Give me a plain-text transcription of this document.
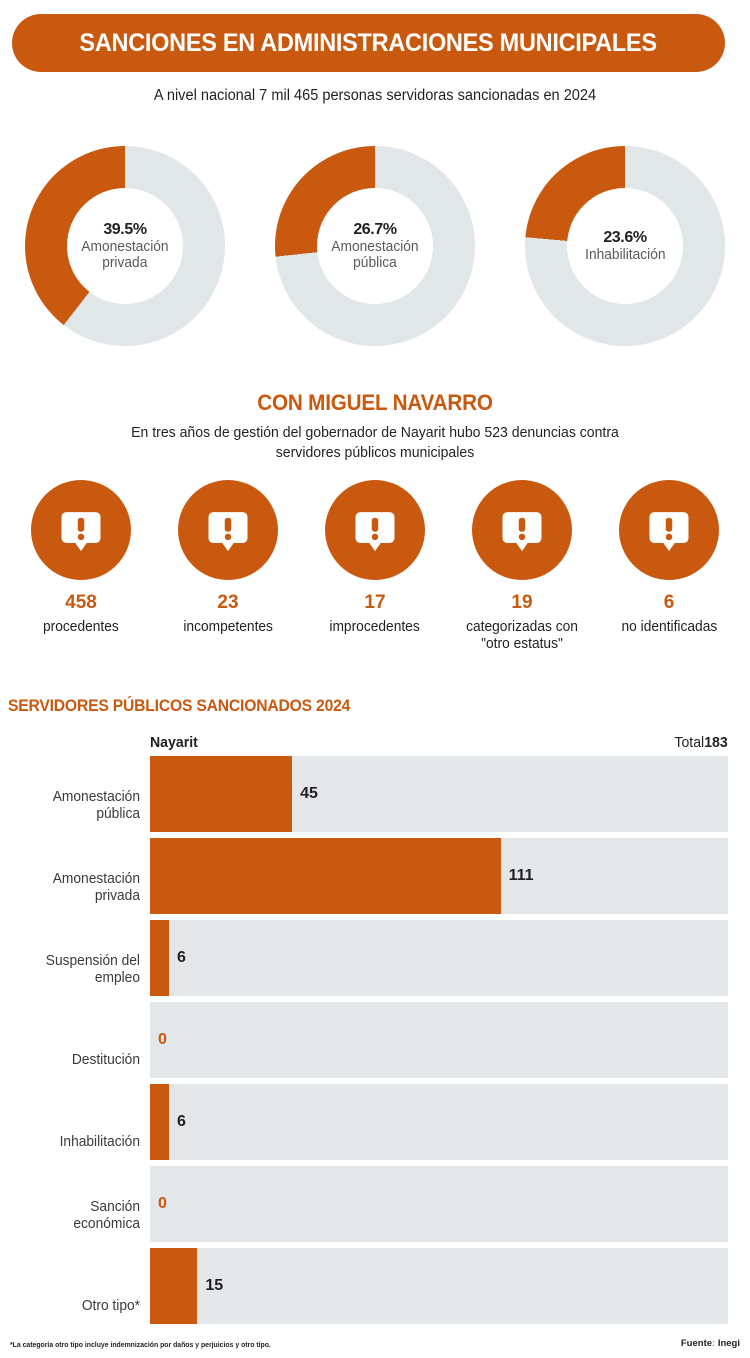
SANCIONES EN ADMINISTRACIONES MUNICIPALES
A nivel nacional 7 mil 465 personas servidoras sancionadas en 2024
39.5%
Amonestación
privada
26.7%
Amonestación
pública
23.6%
Inhabilitación
CON MIGUEL NAVARRO
En tres años de gestión del gobernador de Nayarit hubo 523 denuncias contra
servidores públicos municipales
458
procedentes
23
incompetentes
17
improcedentes
19
categorizadas con "otro estatus"
6
no identificadas
SERVIDORES PÚBLICOS SANCIONADOS 2024
Nayarit	Total183
Amonestación
pública
45
Amonestación
privada
111
Suspensión del
empleo
6
Destitución
0
Inhabilitación
6
Sanción
económica
0
Otro tipo*
15
*La categoría otro tipo incluye indemnización por daños y perjuicios y otro tipo.	Fuente: Inegi
